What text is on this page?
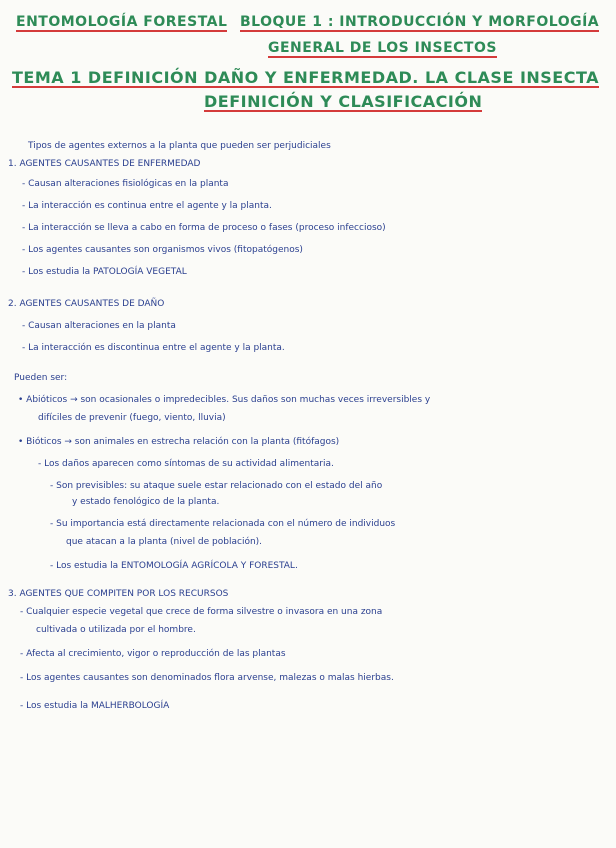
ENTOMOLOGÍA FORESTAL BLOQUE 1 : INTRODUCCIÓN Y MORFOLOGÍA
GENERAL DE LOS INSECTOS
TEMA 1 DEFINICIÓN DAÑO Y ENFERMEDAD. LA CLASE INSECTA
DEFINICIÓN Y CLASIFICACIÓN
Tipos de agentes externos a la planta que pueden ser perjudiciales
1. AGENTES CAUSANTES DE ENFERMEDAD
- Causan alteraciones fisiológicas en la planta
- La interacción es continua entre el agente y la planta.
- La interacción se lleva a cabo en forma de proceso o fases (proceso infeccioso)
- Los agentes causantes son organismos vivos (fitopatógenos)
- Los estudia la PATOLOGÍA VEGETAL
2. AGENTES CAUSANTES DE DAÑO
- Causan alteraciones en la planta
- La interacción es discontinua entre el agente y la planta.
Pueden ser:
• Abióticos → son ocasionales o impredecibles. Sus daños son muchas veces irreversibles y
difíciles de prevenir (fuego, viento, lluvia)
• Bióticos → son animales en estrecha relación con la planta (fitófagos)
- Los daños aparecen como síntomas de su actividad alimentaria.
- Son previsibles: su ataque suele estar relacionado con el estado del año
y estado fenológico de la planta.
- Su importancia está directamente relacionada con el número de individuos
que atacan a la planta (nivel de población).
- Los estudia la ENTOMOLOGÍA AGRÍCOLA Y FORESTAL.
3. AGENTES QUE COMPITEN POR LOS RECURSOS
- Cualquier especie vegetal que crece de forma silvestre o invasora en una zona
cultivada o utilizada por el hombre.
- Afecta al crecimiento, vigor o reproducción de las plantas
- Los agentes causantes son denominados flora arvense, malezas o malas hierbas.
- Los estudia la MALHERBOLOGÍA
